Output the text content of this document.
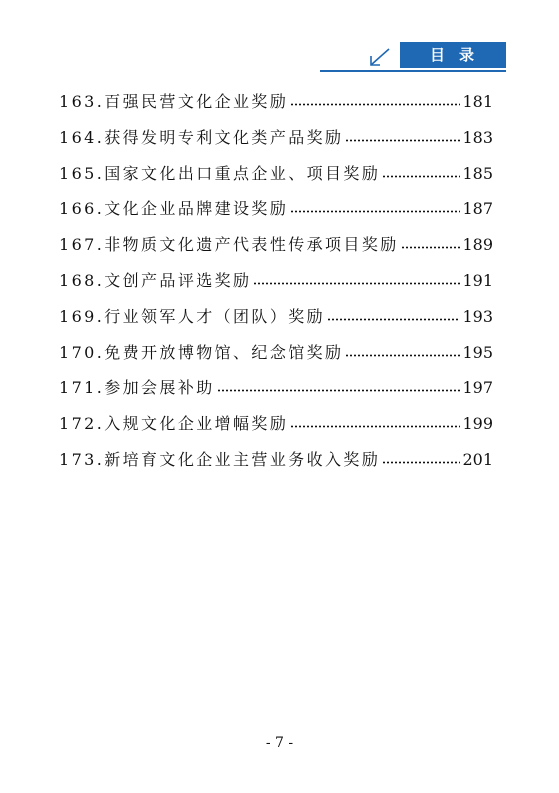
目录
163.百强民营文化企业奖励	181
164.获得发明专利文化类产品奖励	183
165.国家文化出口重点企业、项目奖励	185
166.文化企业品牌建设奖励	187
167.非物质文化遗产代表性传承项目奖励	189
168.文创产品评选奖励	191
169.行业领军人才（团队）奖励	193
170.免费开放博物馆、纪念馆奖励	195
171.参加会展补助	197
172.入规文化企业增幅奖励	199
173.新培育文化企业主营业务收入奖励	201
- 7 -
